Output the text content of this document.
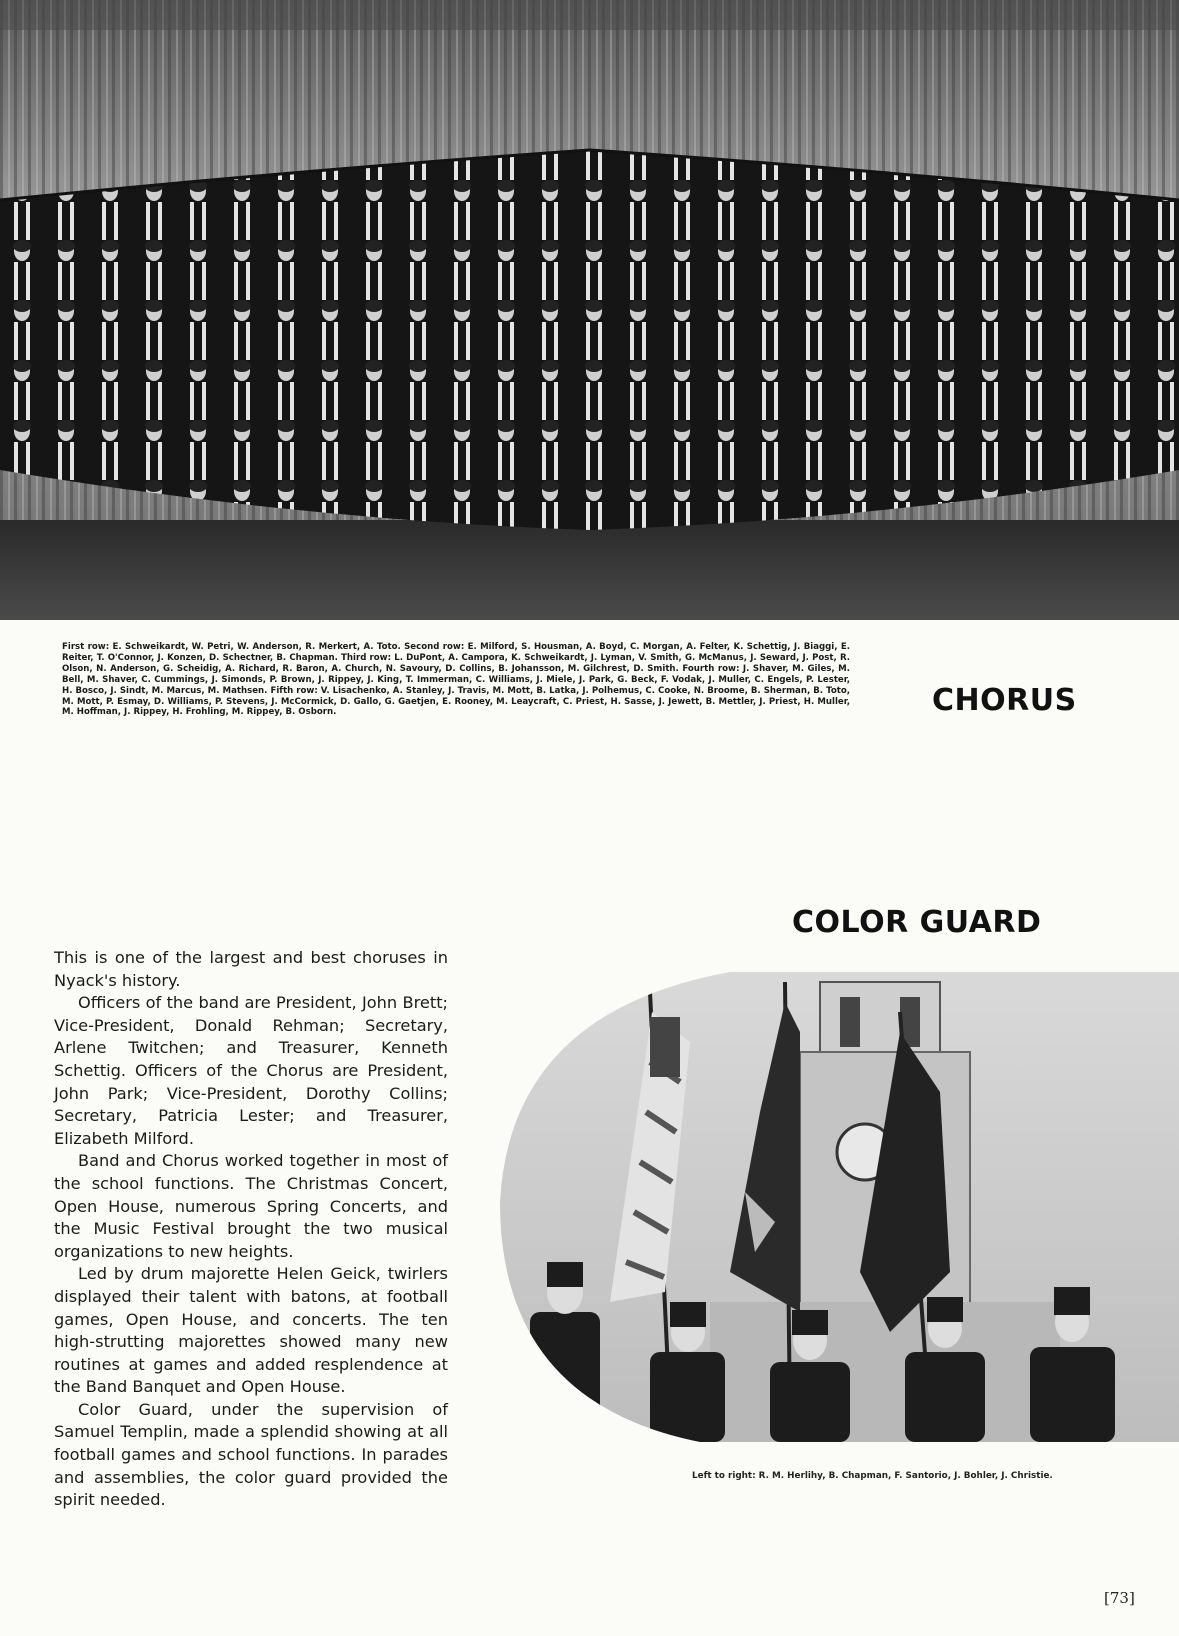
First row: E. Schweikardt, W. Petri, W. Anderson, R. Merkert, A. Toto. Second row: E. Milford, S. Housman, A. Boyd, C. Morgan, A. Felter, K. Schettig, J. Biaggi, E. Reiter, T. O'Connor, J. Konzen, D. Schectner, B. Chapman. Third row: L. DuPont, A. Campora, K. Schweikardt, J. Lyman, V. Smith, G. McManus, J. Seward, J. Post, R. Olson, N. Anderson, G. Scheidig, A. Richard, R. Baron, A. Church, N. Savoury, D. Collins, B. Johansson, M. Gilchrest, D. Smith. Fourth row: J. Shaver, M. Giles, M. Bell, M. Shaver, C. Cummings, J. Simonds, P. Brown, J. Rippey, J. King, T. Immerman, C. Williams, J. Miele, J. Park, G. Beck, F. Vodak, J. Muller, C. Engels, P. Lester, H. Bosco, J. Sindt, M. Marcus, M. Mathsen. Fifth row: V. Lisachenko, A. Stanley, J. Travis, M. Mott, B. Latka, J. Polhemus, C. Cooke, N. Broome, B. Sherman, B. Toto, M. Mott, P. Esmay, D. Williams, P. Stevens, J. McCormick, D. Gallo, G. Gaetjen, E. Rooney, M. Leaycraft, C. Priest, H. Sasse, J. Jewett, B. Mettler, J. Priest, H. Muller, M. Hoffman, J. Rippey, H. Frohling, M. Rippey, B. Osborn.	CHORUS
COLOR GUARD

This is one of the largest and best choruses in Nyack's history.

Officers of the band are President, John Brett; Vice-President, Donald Rehman; Secretary, Arlene Twitchen; and Treasurer, Kenneth Schettig. Officers of the Chorus are President, John Park; Vice-President, Dorothy Collins; Secretary, Patricia Lester; and Treasurer, Elizabeth Milford.

Band and Chorus worked together in most of the school functions. The Christmas Concert, Open House, numerous Spring Concerts, and the Music Festival brought the two musical organizations to new heights.

Led by drum majorette Helen Geick, twirlers displayed their talent with batons, at football games, Open House, and concerts. The ten high-strutting majorettes showed many new routines at games and added resplendence at the Band Banquet and Open House.

Color Guard, under the supervision of Samuel Templin, made a splendid showing at all football games and school functions. In parades and assemblies, the color guard provided the spirit needed.

Left to right: R. M. Herlihy, B. Chapman, F. Santorio, J. Bohler, J. Christie.

[73]
